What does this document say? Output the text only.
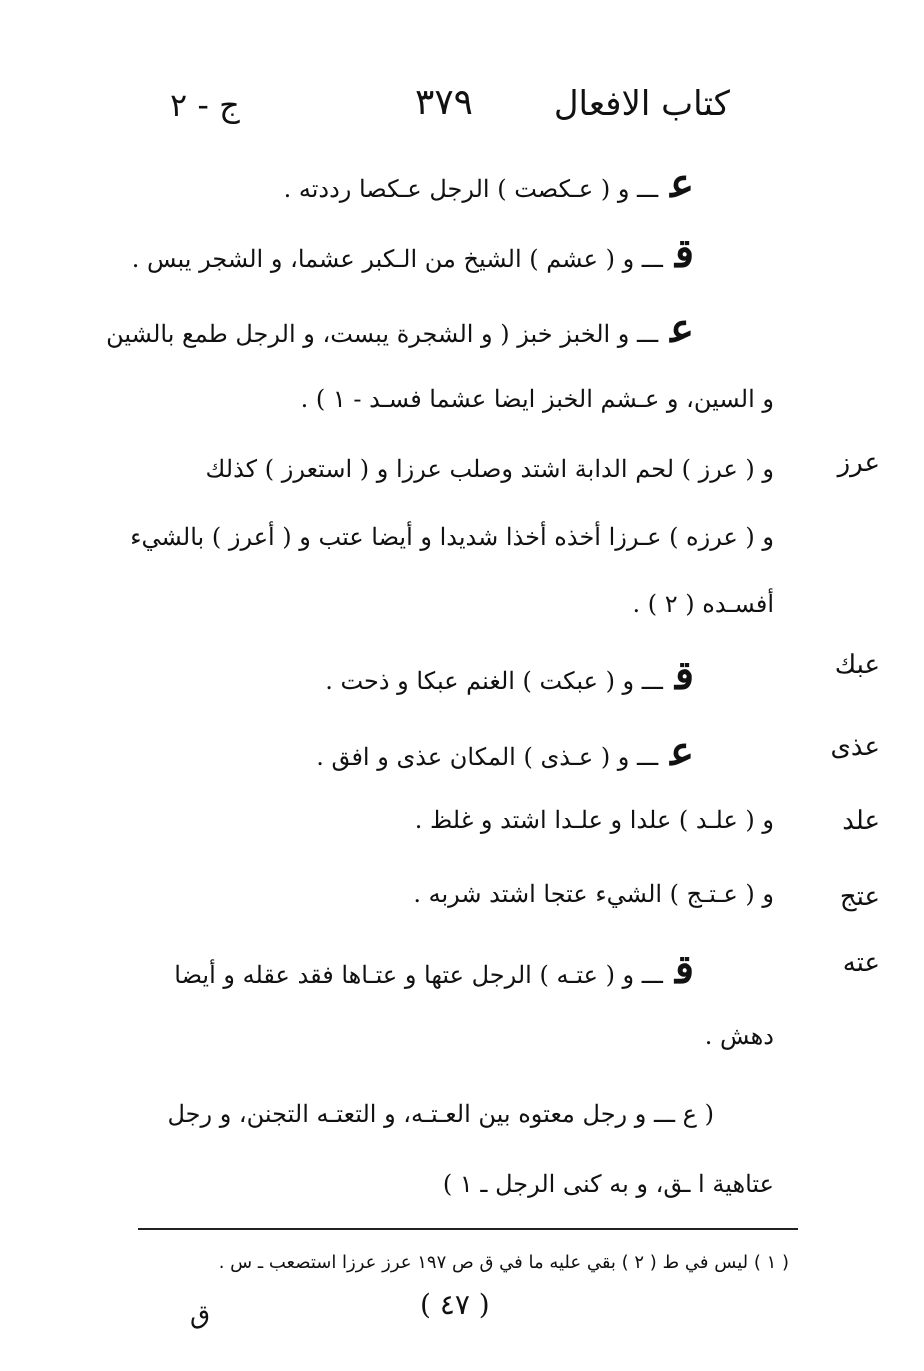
كتاب الافعال
٣٧٩
ج - ٢
عرز
عبك
عذى
علد
عتج
عته
عـــ و ( عـكصت ) الرجل عـكصا رددته .
قـــ و ( عشم ) الشيخ من الـكبر عشما، و الشجر يبس .
عـــ و الخبز خبز ( و الشجرة يبست، و الرجل طمع بالشين
و السين، و عـشم الخبز ايضا عشما فسـد - ١ ) .
و ( عرز ) لحم الدابة اشتد وصلب عرزا و ( استعرز ) كذلك
و ( عرزه ) عـرزا أخذه أخذا شديدا و أيضا عتب و ( أعرز ) بالشيء
أفسـده ( ٢ ) .
قـــ و ( عبكت ) الغنم عبكا و ذحت .
عـــ و ( عـذى ) المكان عذى و افق .
و ( علـد ) علدا و علـدا اشتد و غلظ .
و ( عـتـج ) الشيء عتجا اشتد شربه .
قـــ و ( عتـه ) الرجل عتها و عتـاها فقد عقله و أيضا
دهش .
( ع ـــ و رجل معتوه بين العـتـه، و التعتـه التجنن، و رجل
عتاهية ا ـق، و به كنى الرجل ـ ١ )
( ١ ) ليس في ط ( ٢ ) بقي عليه ما في ق ص ١٩٧ عرز عرزا استصعب ـ س .
( ٤٧ )
ق
